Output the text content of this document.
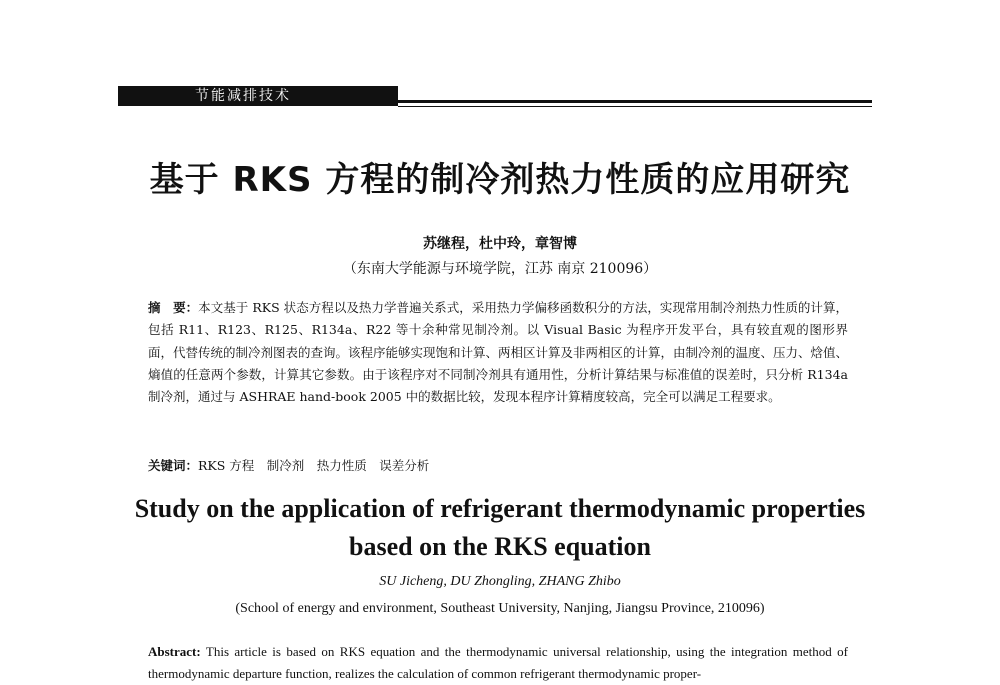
节能减排技术
基于 RKS 方程的制冷剂热力性质的应用研究
苏继程，杜中玲，章智博
（东南大学能源与环境学院，江苏 南京 210096）
摘　要：本文基于 RKS 状态方程以及热力学普遍关系式，采用热力学偏移函数积分的方法，实现常用制冷剂热力性质的计算，包括 R11、R123、R125、R134a、R22 等十余种常见制冷剂。以 Visual Basic 为程序开发平台，具有较直观的图形界面，代替传统的制冷剂图表的查询。该程序能够实现饱和计算、两相区计算及非两相区的计算，由制冷剂的温度、压力、焓值、熵值的任意两个参数，计算其它参数。由于该程序对不同制冷剂具有通用性，分析计算结果与标准值的误差时，只分析 R134a 制冷剂，通过与 ASHRAE hand-book 2005 中的数据比较，发现本程序计算精度较高，完全可以满足工程要求。
关键词：RKS 方程　制冷剂　热力性质　误差分析
Study on the application of refrigerant thermodynamic properties based on the RKS equation
SU Jicheng, DU Zhongling, ZHANG Zhibo
(School of energy and environment, Southeast University, Nanjing, Jiangsu Province, 210096)
Abstract: This article is based on RKS equation and the thermodynamic universal relationship, using the integration method of thermodynamic departure function, realizes the calculation of common refrigerant thermodynamic proper-
